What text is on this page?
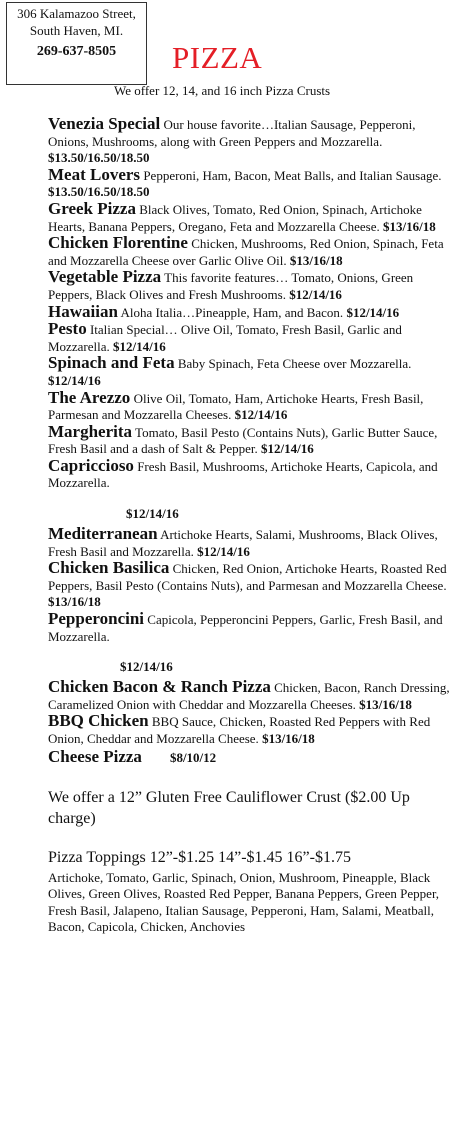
306 Kalamazoo Street,
South Haven, MI.
269-637-8505	PIZZA
We offer 12, 14, and 16 inch Pizza Crusts

Venezia Special Our house favorite…Italian Sausage, Pepperoni, Onions, Mushrooms, along with Green Peppers and Mozzarella. $13.50/16.50/18.50

Meat Lovers Pepperoni, Ham, Bacon, Meat Balls, and Italian Sausage. $13.50/16.50/18.50

Greek Pizza Black Olives, Tomato, Red Onion, Spinach, Artichoke Hearts, Banana Peppers, Oregano, Feta and Mozzarella Cheese. $13/16/18

Chicken Florentine Chicken, Mushrooms, Red Onion, Spinach, Feta and Mozzarella Cheese over Garlic Olive Oil. $13/16/18

Vegetable Pizza This favorite features… Tomato, Onions, Green Peppers, Black Olives and Fresh Mushrooms. $12/14/16

Hawaiian Aloha Italia…Pineapple, Ham, and Bacon. $12/14/16

Pesto Italian Special… Olive Oil, Tomato, Fresh Basil, Garlic and Mozzarella. $12/14/16

Spinach and Feta Baby Spinach, Feta Cheese over Mozzarella. $12/14/16

The Arezzo Olive Oil, Tomato, Ham, Artichoke Hearts, Fresh Basil, Parmesan and Mozzarella Cheeses. $12/14/16

Margherita Tomato, Basil Pesto (Contains Nuts), Garlic Butter Sauce, Fresh Basil and a dash of Salt & Pepper. $12/14/16

Capriccioso Fresh Basil, Mushrooms, Artichoke Hearts, Capicola, and Mozzarella.

$12/14/16

Mediterranean Artichoke Hearts, Salami, Mushrooms, Black Olives, Fresh Basil and Mozzarella. $12/14/16

Chicken Basilica Chicken, Red Onion, Artichoke Hearts, Roasted Red Peppers, Basil Pesto (Contains Nuts), and Parmesan and Mozzarella Cheese. $13/16/18

Pepperoncini Capicola, Pepperoncini Peppers, Garlic, Fresh Basil, and Mozzarella.

$12/14/16

Chicken Bacon & Ranch Pizza Chicken, Bacon, Ranch Dressing, Caramelized Onion with Cheddar and Mozzarella Cheeses. $13/16/18

BBQ Chicken BBQ Sauce, Chicken, Roasted Red Peppers with Red Onion, Cheddar and Mozzarella Cheese. $13/16/18

Cheese Pizza $8/10/12
We offer a 12” Gluten Free Cauliflower Crust ($2.00 Up charge)
Pizza Toppings 12”-$1.25 14”-$1.45 16”-$1.75
Artichoke, Tomato, Garlic, Spinach, Onion, Mushroom, Pineapple, Black Olives, Green Olives, Roasted Red Pepper, Banana Peppers, Green Pepper, Fresh Basil, Jalapeno, Italian Sausage, Pepperoni, Ham, Salami, Meatball, Bacon, Capicola, Chicken, Anchovies
